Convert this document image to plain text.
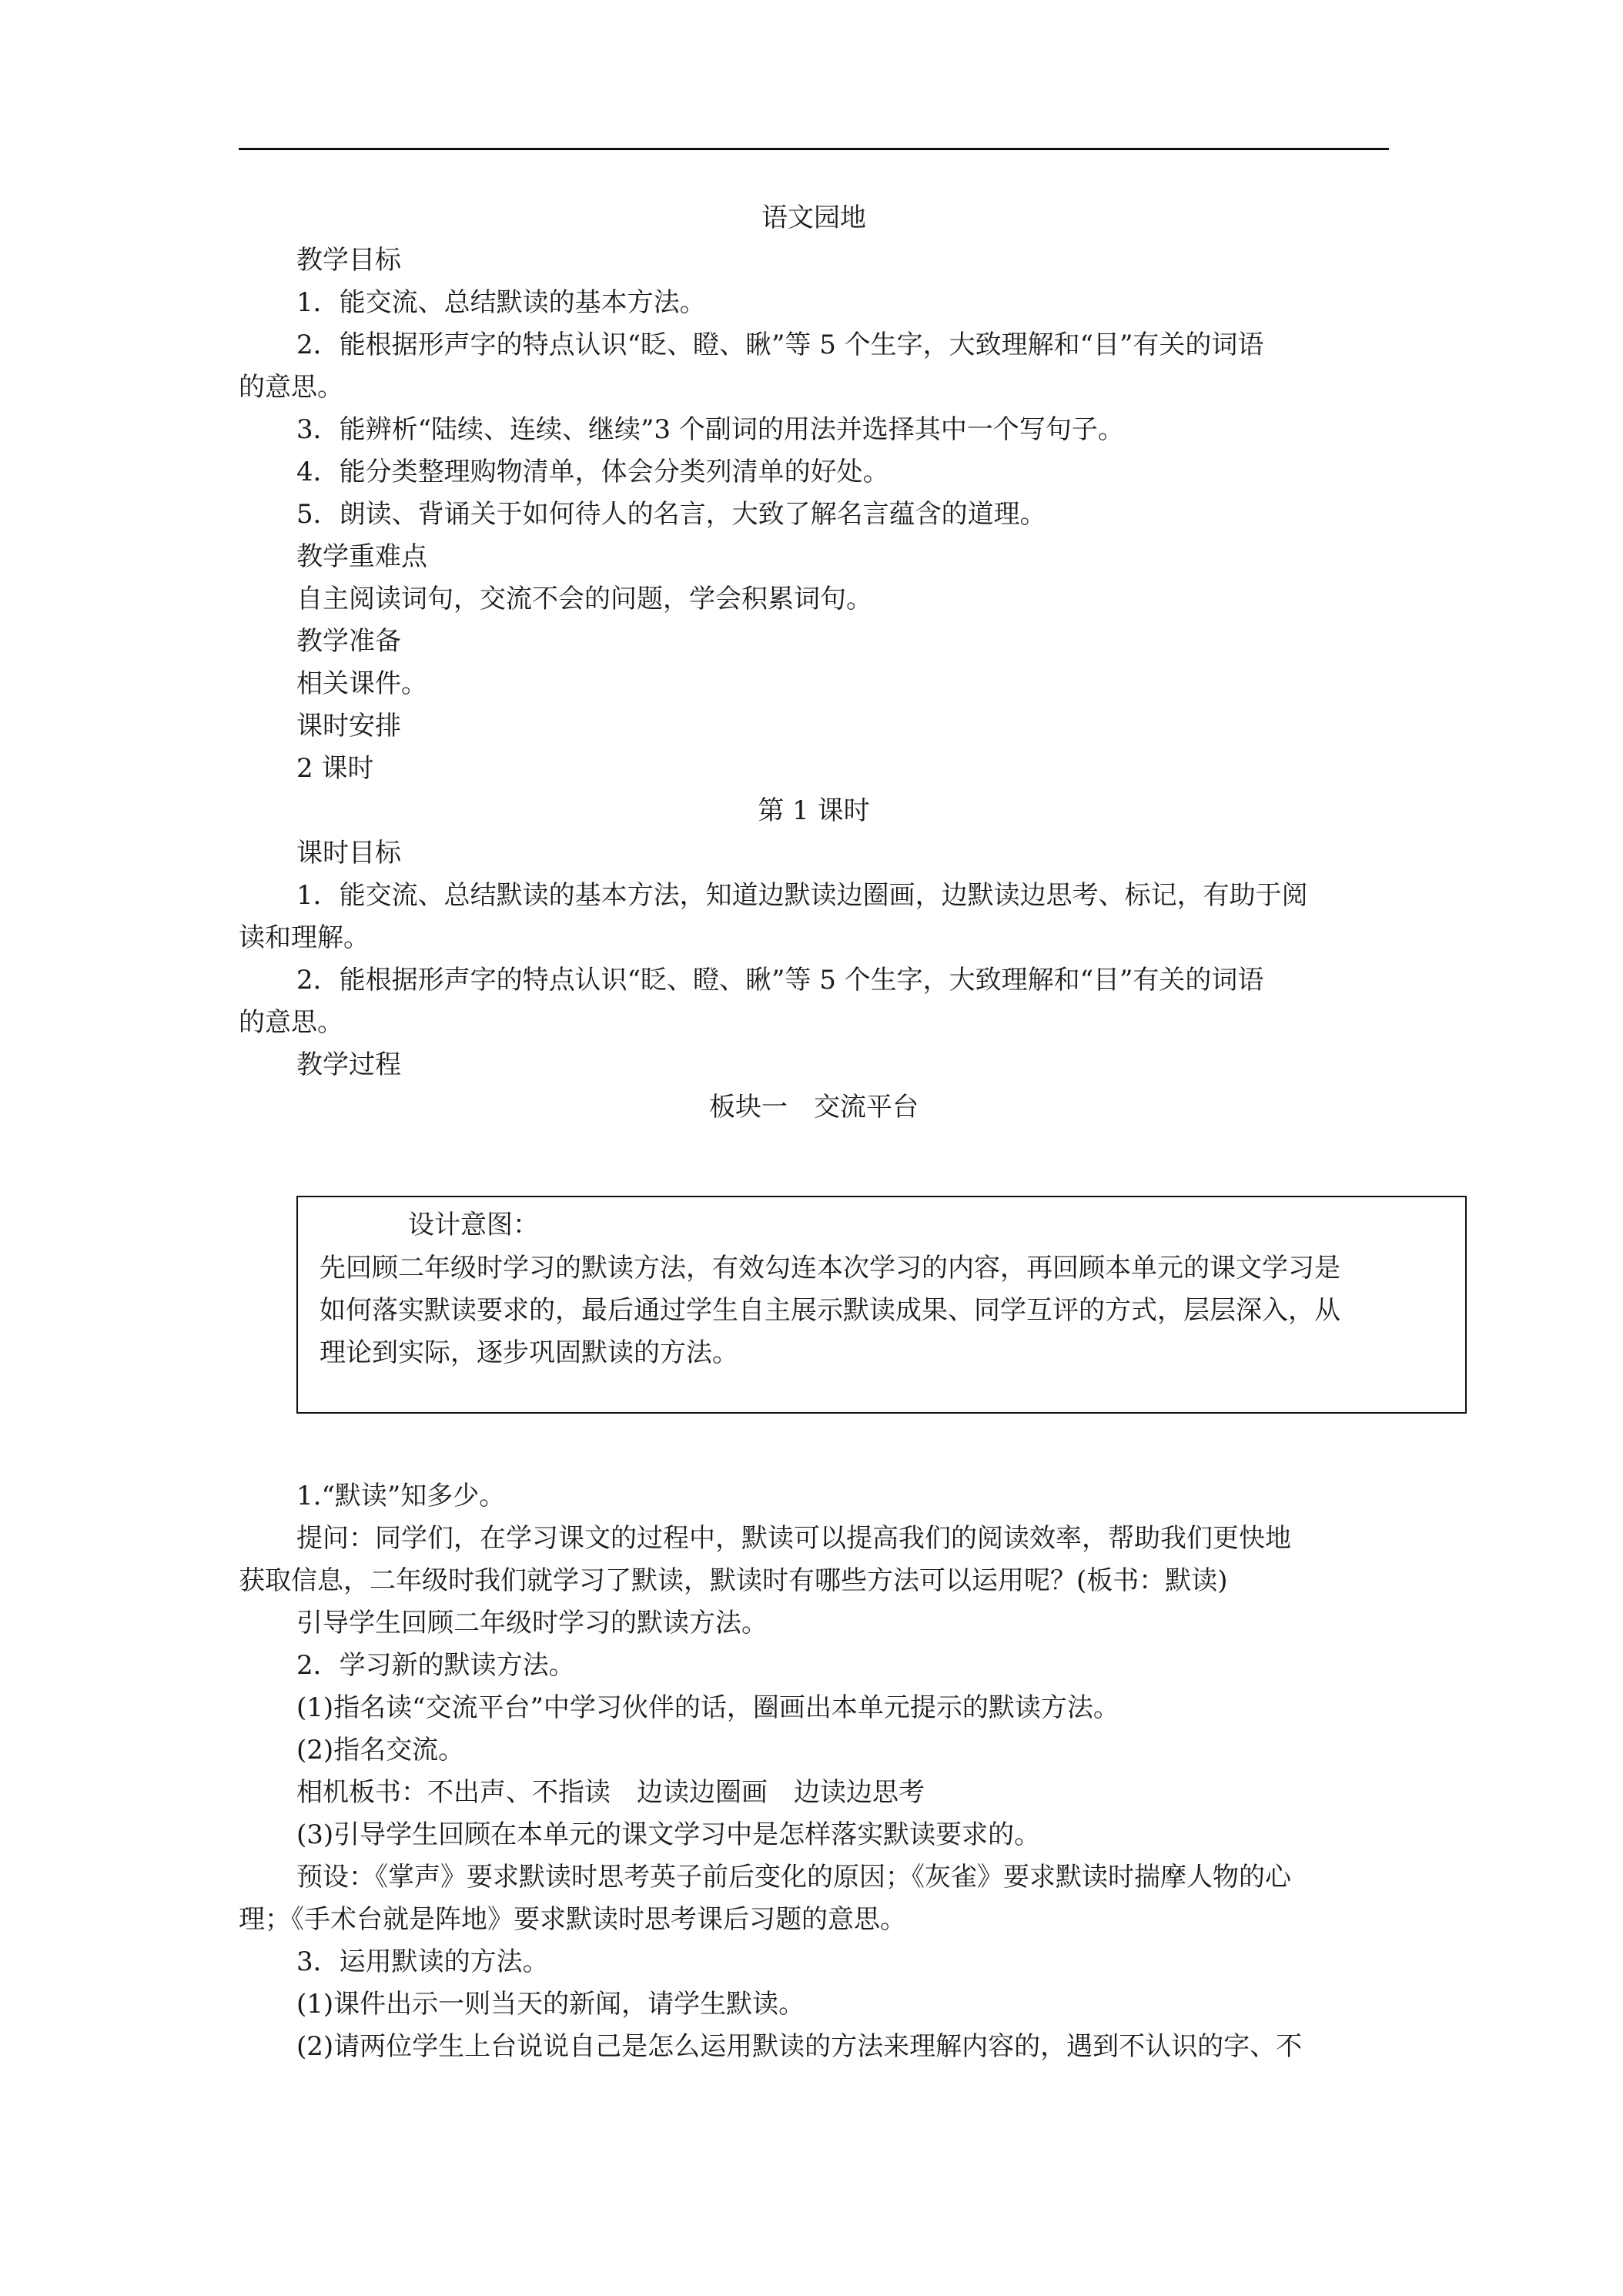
语文园地
教学目标
1．能交流、总结默读的基本方法。
2．能根据形声字的特点认识“眨、瞪、瞅”等 5 个生字，大致理解和“目”有关的词语
的意思。
3．能辨析“陆续、连续、继续”3 个副词的用法并选择其中一个写句子。
4．能分类整理购物清单，体会分类列清单的好处。
5．朗读、背诵关于如何待人的名言，大致了解名言蕴含的道理。
教学重难点
自主阅读词句，交流不会的问题，学会积累词句。
教学准备
相关课件。
课时安排
2 课时
第 1 课时
课时目标
1．能交流、总结默读的基本方法，知道边默读边圈画，边默读边思考、标记，有助于阅
读和理解。
2．能根据形声字的特点认识“眨、瞪、瞅”等 5 个生字，大致理解和“目”有关的词语
的意思。
教学过程
板块一　交流平台
设计意图：
先回顾二年级时学习的默读方法，有效勾连本次学习的内容，再回顾本单元的课文学习是
如何落实默读要求的，最后通过学生自主展示默读成果、同学互评的方式，层层深入，从
理论到实际，逐步巩固默读的方法。
1.“默读”知多少。
提问：同学们，在学习课文的过程中，默读可以提高我们的阅读效率，帮助我们更快地
获取信息，二年级时我们就学习了默读，默读时有哪些方法可以运用呢？(板书：默读)
引导学生回顾二年级时学习的默读方法。
2．学习新的默读方法。
(1)指名读“交流平台”中学习伙伴的话，圈画出本单元提示的默读方法。
(2)指名交流。
相机板书：不出声、不指读　边读边圈画　边读边思考
(3)引导学生回顾在本单元的课文学习中是怎样落实默读要求的。
预设：《掌声》要求默读时思考英子前后变化的原因；《灰雀》要求默读时揣摩人物的心
理；《手术台就是阵地》要求默读时思考课后习题的意思。
3．运用默读的方法。
(1)课件出示一则当天的新闻，请学生默读。
(2)请两位学生上台说说自己是怎么运用默读的方法来理解内容的，遇到不认识的字、不
